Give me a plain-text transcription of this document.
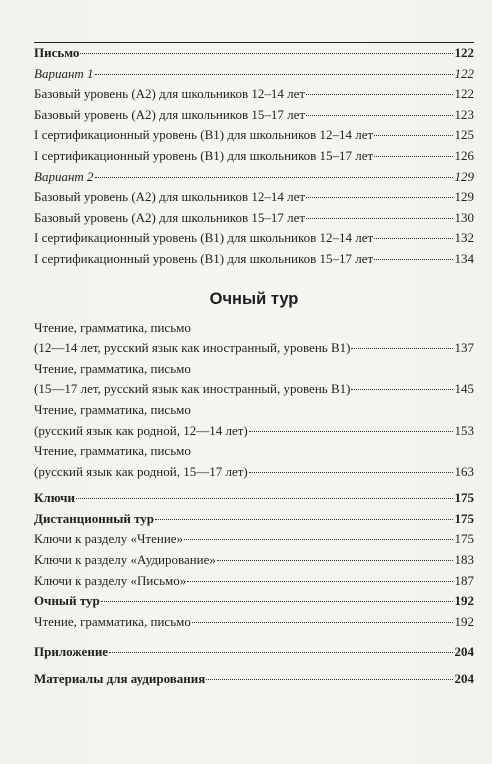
Письмо	122
Вариант 1	122
Базовый уровень (А2) для школьников 12–14 лет	122
Базовый уровень (А2) для школьников 15–17 лет	123
I сертификационный уровень (В1) для школьников 12–14 лет	125
I сертификационный уровень (В1) для школьников 15–17 лет	126
Вариант 2	129
Базовый уровень (А2) для школьников 12–14 лет	129
Базовый уровень (А2) для школьников 15–17 лет	130
I сертификационный уровень (В1) для школьников 12–14 лет	132
I сертификационный уровень (В1) для школьников 15–17 лет	134
Очный тур
Чтение, грамматика, письмо
(12—14 лет, русский язык как иностранный, уровень В1)	137
Чтение, грамматика, письмо
(15—17 лет, русский язык как иностранный, уровень В1)	145
Чтение, грамматика, письмо
(русский язык как родной, 12—14 лет)	153
Чтение, грамматика, письмо
(русский язык как родной, 15—17 лет)	163
Ключи	175
Дистанционный тур	175
Ключи к разделу «Чтение»	175
Ключи к разделу «Аудирование»	183
Ключи к разделу «Письмо»	187
Очный тур	192
Чтение, грамматика, письмо	192
Приложение	204
Материалы для аудирования	204
